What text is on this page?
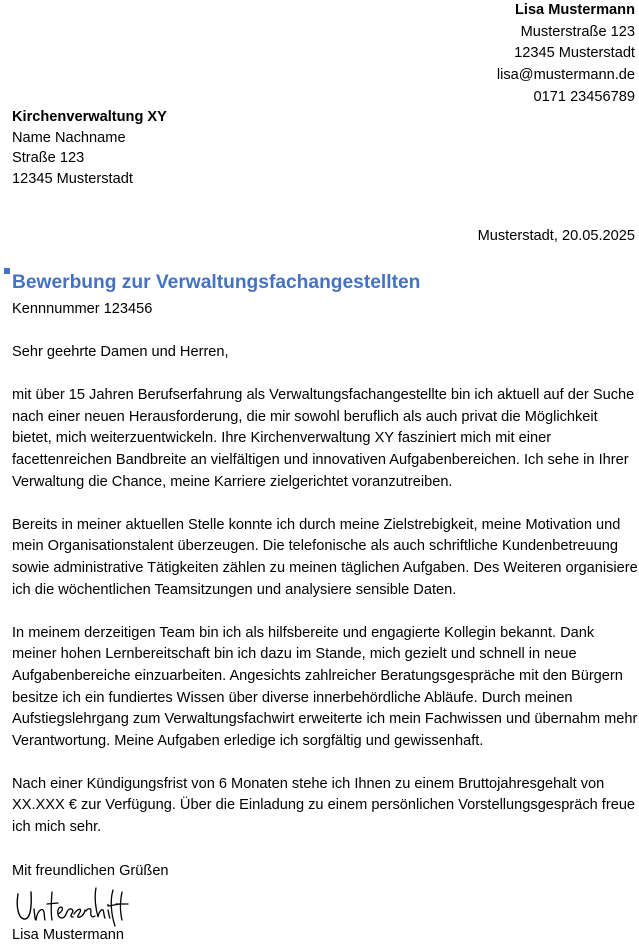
Lisa Mustermann
Musterstraße 123
12345 Musterstadt
lisa@mustermann.de
0171 23456789
Kirchenverwaltung XY
Name Nachname
Straße 123
12345 Musterstadt
Musterstadt, 20.05.2025
Bewerbung zur Verwaltungsfachangestellten
Kennnummer 123456

Sehr geehrte Damen und Herren,

mit über 15 Jahren Berufserfahrung als Verwaltungsfachangestellte bin ich aktuell auf der Suche nach einer neuen Herausforderung, die mir sowohl beruflich als auch privat die Möglichkeit bietet, mich weiterzuentwickeln. Ihre Kirchenverwaltung XY fasziniert mich mit einer facettenreichen Bandbreite an vielfältigen und innovativen Aufgabenbereichen. Ich sehe in Ihrer Verwaltung die Chance, meine Karriere zielgerichtet voranzutreiben.

Bereits in meiner aktuellen Stelle konnte ich durch meine Zielstrebigkeit, meine Motivation und mein Organisationstalent überzeugen. Die telefonische als auch schriftliche Kundenbetreuung sowie administrative Tätigkeiten zählen zu meinen täglichen Aufgaben. Des Weiteren organisiere ich die wöchentlichen Teamsitzungen und analysiere sensible Daten.

In meinem derzeitigen Team bin ich als hilfsbereite und engagierte Kollegin bekannt. Dank meiner hohen Lernbereitschaft bin ich dazu im Stande, mich gezielt und schnell in neue Aufgabenbereiche einzuarbeiten. Angesichts zahlreicher Beratungsgespräche mit den Bürgern besitze ich ein fundiertes Wissen über diverse innerbehördliche Abläufe. Durch meinen Aufstiegslehrgang zum Verwaltungsfachwirt erweiterte ich mein Fachwissen und übernahm mehr Verantwortung. Meine Aufgaben erledige ich sorgfältig und gewissenhaft.

Nach einer Kündigungsfrist von 6 Monaten stehe ich Ihnen zu einem Bruttojahresgehalt von XX.XXX € zur Verfügung. Über die Einladung zu einem persönlichen Vorstellungsgespräch freue ich mich sehr.

Mit freundlichen Grüßen
Lisa Mustermann
